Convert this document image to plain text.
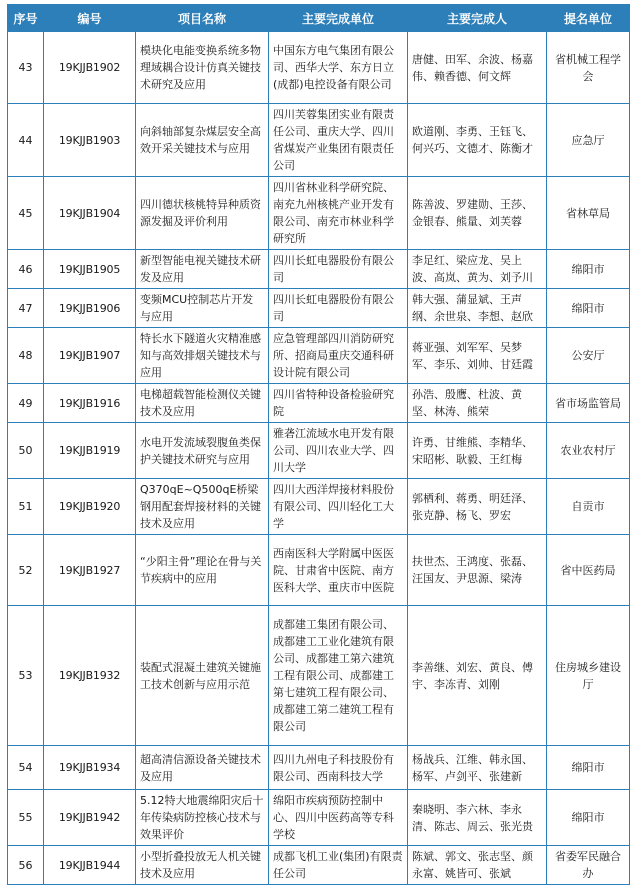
序号	编号	项目名称	主要完成单位	主要完成人	提名单位
43	19KJJB1902	模块化电能变换系统多物理域耦合设计仿真关键技术研究及应用	中国东方电气集团有限公司、西华大学、东方日立(成都)电控设备有限公司	唐健、田军、余波、杨嘉伟、赖香德、何文辉	省机械工程学会
44	19KJJB1903	向斜轴部复杂煤层安全高效开采关键技术与应用	四川芙蓉集团实业有限责任公司、重庆大学、四川省煤炭产业集团有限责任公司	欧道刚、李勇、王钰飞、何兴巧、文德才、陈衡才	应急厅
45	19KJJB1904	四川德状核桃特异种质资源发掘及评价利用	四川省林业科学研究院、南充九州核桃产业开发有限公司、南充市林业科学研究所	陈善波、罗建勋、王莎、金银春、熊量、刘芙蓉	省林草局
46	19KJJB1905	新型智能电视关键技术研发及应用	四川长虹电器股份有限公司	李足红、梁应龙、吴上波、高岚、黄为、刘予川	绵阳市
47	19KJJB1906	变频MCU控制芯片开发与应用	四川长虹电器股份有限公司	韩大强、蒲显斌、王声纲、余世泉、李想、赵欣	绵阳市
48	19KJJB1907	特长水下隧道火灾精准感知与高效排烟关键技术与应用	应急管理部四川消防研究所、招商局重庆交通科研设计院有限公司	蒋亚强、刘军军、吴梦军、李乐、刘帅、甘廷霞	公安厅
49	19KJJB1916	电梯超载智能检测仪关键技术及应用	四川省特种设备检验研究院	孙浩、殷鹰、杜波、黄坚、林涛、熊荣	省市场监管局
50	19KJJB1919	水电开发流域裂腹鱼类保护关键技术研究与应用	雅砻江流域水电开发有限公司、四川农业大学、四川大学	许勇、甘维熊、李精华、宋昭彬、耿毅、王红梅	农业农村厅
51	19KJJB1920	Q370qE~Q500qE桥梁钢用配套焊接材料的关键技术及应用	四川大西洋焊接材料股份有限公司、四川轻化工大学	郭栖利、蒋勇、明廷泽、张克静、杨飞、罗宏	自贡市
52	19KJJB1927	“少阳主骨”理论在骨与关节疾病中的应用	西南医科大学附属中医医院、甘肃省中医院、南方医科大学、重庆市中医院	扶世杰、王鸿度、张磊、汪国友、尹思源、梁涛	省中医药局
53	19KJJB1932	装配式混凝土建筑关键施工技术创新与应用示范	成都建工集团有限公司、成都建工工业化建筑有限公司、成都建工第六建筑工程有限公司、成都建工第七建筑工程有限公司、成都建工第二建筑工程有限公司	李善继、刘宏、黄良、傅宇、李冻青、刘刚	住房城乡建设厅
54	19KJJB1934	超高清信源设备关键技术及应用	四川九州电子科技股份有限公司、西南科技大学	杨战兵、江维、韩永国、杨军、卢剑平、张建新	绵阳市
55	19KJJB1942	5.12特大地震绵阳灾后十年传染病防控核心技术与效果评价	绵阳市疾病预防控制中心、四川中医药高等专科学校	秦晓明、李六林、李永清、陈志、周云、张光贵	绵阳市
56	19KJJB1944	小型折叠投放无人机关键技术及应用	成都飞机工业(集团)有限责任公司	陈斌、郭文、张志坚、颜永富、姚皆可、张斌	省委军民融合办
